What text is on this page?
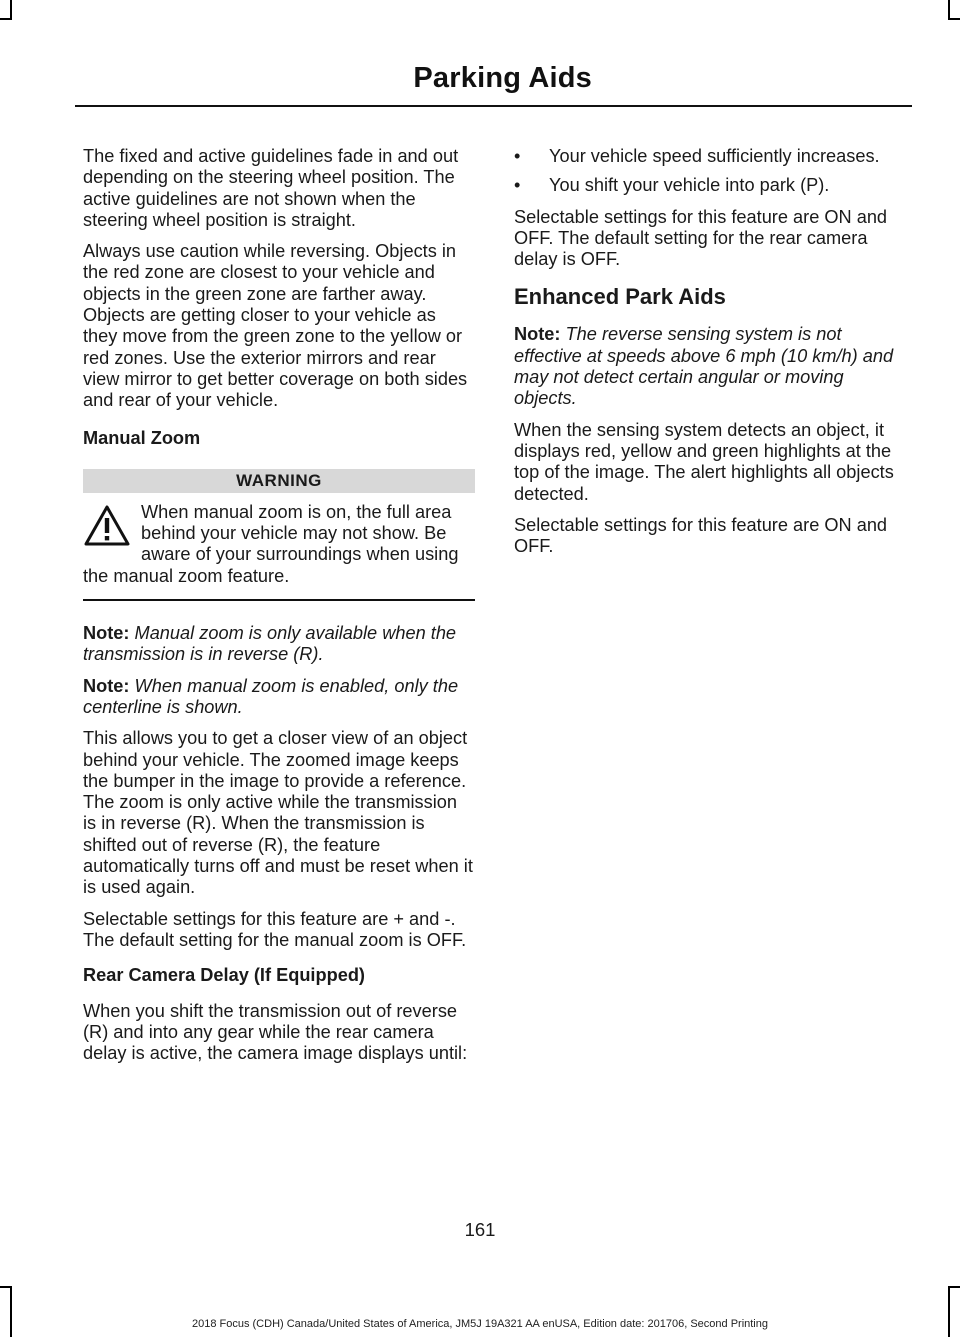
Parking Aids

The fixed and active guidelines fade in and out depending on the steering wheel position. The active guidelines are not shown when the steering wheel position is straight.

Always use caution while reversing. Objects in the red zone are closest to your vehicle and objects in the green zone are farther away. Objects are getting closer to your vehicle as they move from the green zone to the yellow or red zones. Use the exterior mirrors and rear view mirror to get better coverage on both sides and rear of your vehicle.

Manual Zoom

WARNING
When manual zoom is on, the full area behind your vehicle may not show. Be aware of your surroundings when using the manual zoom feature.

Note: Manual zoom is only available when the transmission is in reverse (R).

Note: When manual zoom is enabled, only the centerline is shown.

This allows you to get a closer view of an object behind your vehicle. The zoomed image keeps the bumper in the image to provide a reference. The zoom is only active while the transmission is in reverse (R). When the transmission is shifted out of reverse (R), the feature automatically turns off and must be reset when it is used again.

Selectable settings for this feature are + and -. The default setting for the manual zoom is OFF.

Rear Camera Delay (If Equipped)

When you shift the transmission out of reverse (R) and into any gear while the rear camera delay is active, the camera image displays until:

• Your vehicle speed sufficiently increases.
• You shift your vehicle into park (P).

Selectable settings for this feature are ON and OFF. The default setting for the rear camera delay is OFF.

Enhanced Park Aids

Note: The reverse sensing system is not effective at speeds above 6 mph (10 km/h) and may not detect certain angular or moving objects.

When the sensing system detects an object, it displays red, yellow and green highlights at the top of the image. The alert highlights all objects detected.

Selectable settings for this feature are ON and OFF.

161
2018 Focus (CDH) Canada/United States of America, JM5J 19A321 AA enUSA, Edition date: 201706, Second Printing
